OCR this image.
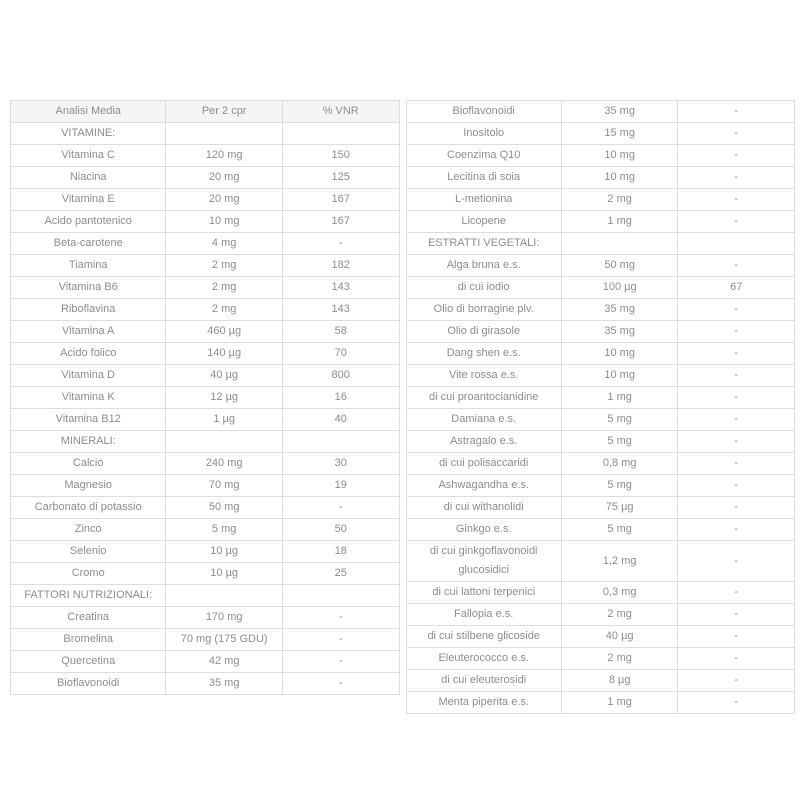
Analisi Media	Per 2 cpr	% VNR
VITAMINE:		
Vitamina C	120 mg	150
Niacina	20 mg	125
Vitamina E	20 mg	167
Acido pantotenico	10 mg	167
Beta-carotene	4 mg	-
Tiamina	2 mg	182
Vitamina B6	2 mg	143
Riboflavina	2 mg	143
Vitamina A	460 µg	58
Acido folico	140 µg	70
Vitamina D	40 µg	800
Vitamina K	12 µg	16
Vitamina B12	1 µg	40
MINERALI:		
Calcio	240 mg	30
Magnesio	70 mg	19
Carbonato di potassio	50 mg	-
Zinco	5 mg	50
Selenio	10 µg	18
Cromo	10 µg	25
FATTORI NUTRIZIONALI:		
Creatina	170 mg	-
Bromelina	70 mg (175 GDU)	-
Quercetina	42 mg	-
Bioflavonoidi	35 mg	-
Bioflavonoidi	35 mg	-
Inositolo	15 mg	-
Coenzima Q10	10 mg	-
Lecitina di soia	10 mg	-
L-metionina	2 mg	-
Licopene	1 mg	-
ESTRATTI VEGETALI:		
Alga bruna e.s.	50 mg	-
di cui iodio	100 µg	67
Olio di borragine plv.	35 mg	-
Olio di girasole	35 mg	-
Dang shen e.s.	10 mg	-
Vite rossa e.s.	10 mg	-
di cui proantocianidine	1 mg	-
Damiana e.s.	5 mg	-
Astragalo e.s.	5 mg	-
di cui polisaccaridi	0,8 mg	-
Ashwagandha e.s.	5 mg	-
di cui withanolidi	75 µg	-
Ginkgo e.s.	5 mg	-
di cui ginkgoflavonoidi glucosidici	1,2 mg	-
di cui lattoni terpenici	0,3 mg	-
Fallopia e.s.	2 mg	-
di cui stilbene glicoside	40 µg	-
Eleuterococco e.s.	2 mg	-
di cui eleuterosidi	8 µg	-
Menta piperita e.s.	1 mg	-
